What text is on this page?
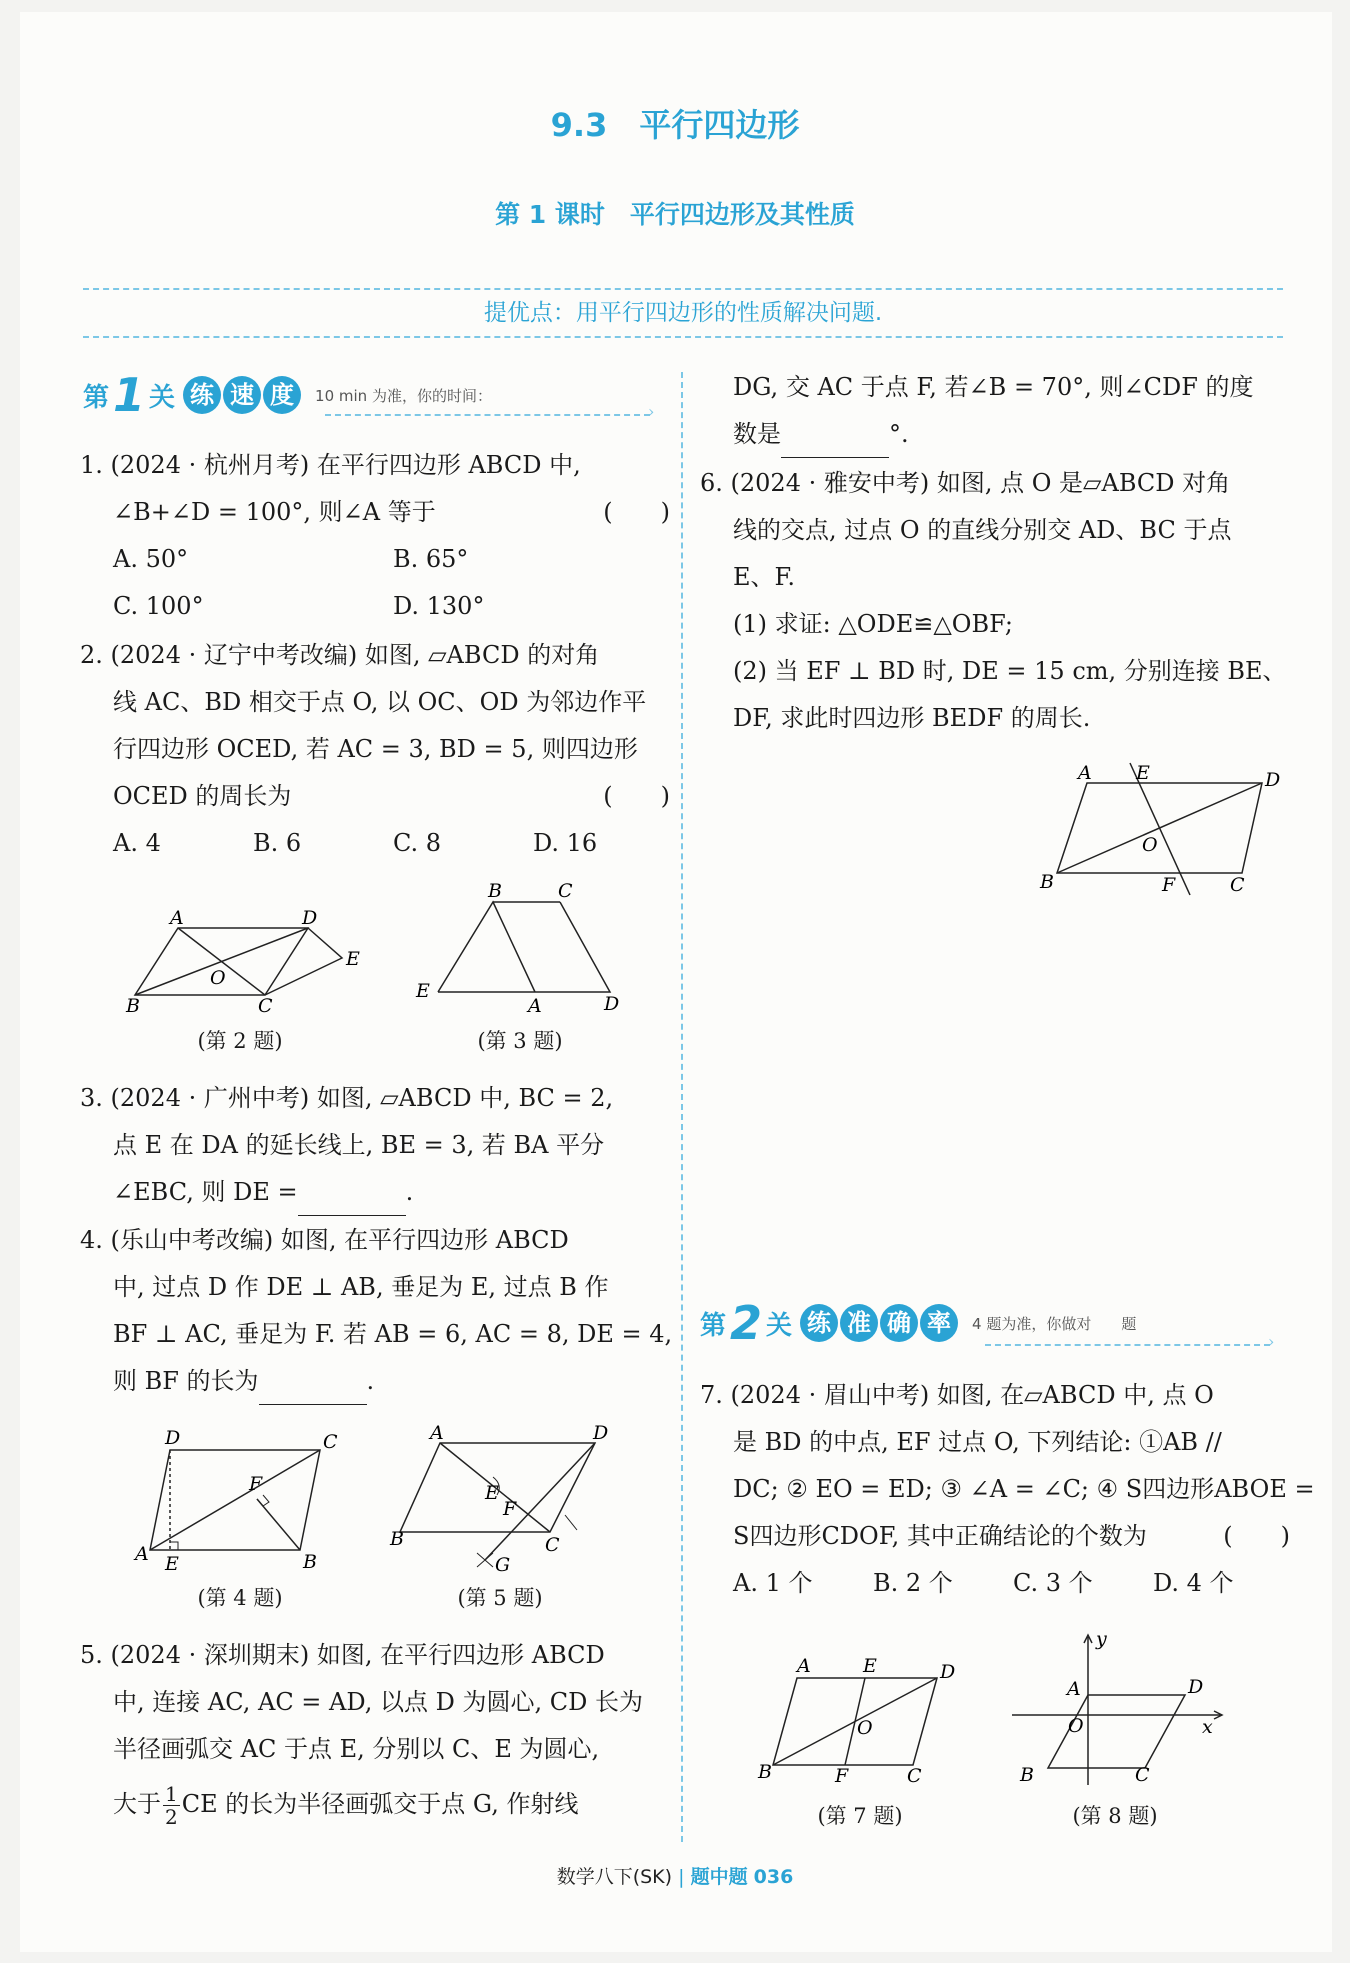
9.3　平行四边形
第 1 课时　平行四边形及其性质
提优点：用平行四边形的性质解决问题.
第 1 关 练 速 度	10 min 为准，你的时间：
›

1. (2024 · 杭州月考) 在平行四边形 ABCD 中,

∠B+∠D = 100°, 则∠A 等于	(　　)

A. 50°	B. 65°
C. 100°	D. 130°

2. (2024 · 辽宁中考改编) 如图, ▱ABCD 的对角

线 AC、BD 相交于点 O, 以 OC、OD 为邻边作平

行四边形 OCED, 若 AC = 3, BD = 5, 则四边形

OCED 的周长为	(　　)

A. 4	B. 6	C. 8	D. 16
A	D
E
O
B	C
(第 2 题)
B	C
E
A	D
(第 3 题)

3. (2024 · 广州中考) 如图, ▱ABCD 中, BC = 2,

点 E 在 DA 的延长线上, BE = 3, 若 BA 平分

∠EBC, 则 DE =	.

4. (乐山中考改编) 如图, 在平行四边形 ABCD

中, 过点 D 作 DE ⊥ AB, 垂足为 E, 过点 B 作

BF ⊥ AC, 垂足为 F. 若 AB = 6, AC = 8, DE = 4,

则 BF 的长为	.

D	C
F
A E	B
(第 4 题)
A	D
E
F
B	C
G
(第 5 题)

5. (2024 · 深圳期末) 如图, 在平行四边形 ABCD

中, 连接 AC, AC = AD, 以点 D 为圆心, CD 长为

半径画弧交 AC 于点 E, 分别以 C、E 为圆心,

大于 $\frac{1}{2}$ CE 的长为半径画弧交于点 G, 作射线

DG, 交 AC 于点 F, 若∠B = 70°, 则∠CDF 的度

数是	°.

6. (2024 · 雅安中考) 如图, 点 O 是▱ABCD 对角

线的交点, 过点 O 的直线分别交 AD、BC 于点

E、F.

(1) 求证: △ODE≌△OBF;

(2) 当 EF ⊥ BD 时, DE = 15 cm, 分别连接 BE、

DF, 求此时四边形 BEDF 的周长.

A E	D
O
B	F	C
第 2 关 练 准 确 率	4 题为准，你做对　　题
›

7. (2024 · 眉山中考) 如图, 在▱ABCD 中, 点 O

是 BD 的中点, EF 过点 O, 下列结论: ①AB //

DC; ② EO = ED; ③ ∠A = ∠C; ④ S四边形ABOE =

S四边形CDOF, 其中正确结论的个数为	(　　)

A. 1 个	B. 2 个	C. 3 个	D. 4 个
A	E	D
O
B	F	C
(第 7 题)
y
A	D
O	x
B	C
(第 8 题)
数学八下(SK) | 题中题 036
